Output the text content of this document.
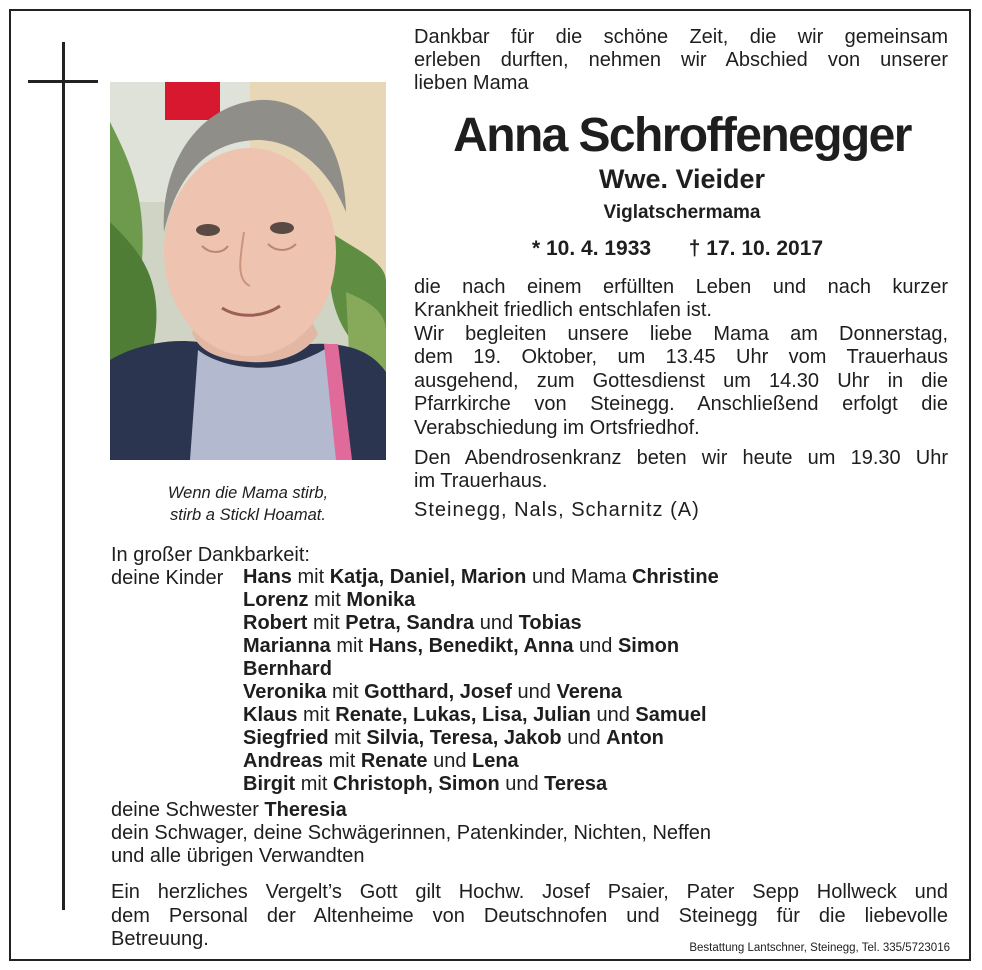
Wenn die Mama stirb,
stirb a Stickl Hoamat.
Dankbar für die schöne Zeit, die wir gemeinsam
erleben durften, nehmen wir Abschied von unserer
lieben Mama
Anna Schroffenegger
Wwe. Vieider
Viglatschermama
* 10. 4. 1933 † 17. 10. 2017
die nach einem erfüllten Leben und nach kurzer
Krankheit friedlich entschlafen ist.
Wir begleiten unsere liebe Mama am Donnerstag,
dem 19. Oktober, um 13.45 Uhr vom Trauerhaus
ausgehend, zum Gottesdienst um 14.30 Uhr in die
Pfarrkirche von Steinegg. Anschließend erfolgt die
Verabschiedung im Ortsfriedhof.
Den Abendrosenkranz beten wir heute um 19.30 Uhr
im Trauerhaus.
Steinegg, Nals, Scharnitz (A)
In großer Dankbarkeit:
deine Kinder Hans mit Katja, Daniel, Marion und Mama Christine
Lorenz mit Monika
Robert mit Petra, Sandra und Tobias
Marianna mit Hans, Benedikt, Anna und Simon
Bernhard
Veronika mit Gotthard, Josef und Verena
Klaus mit Renate, Lukas, Lisa, Julian und Samuel
Siegfried mit Silvia, Teresa, Jakob und Anton
Andreas mit Renate und Lena
Birgit mit Christoph, Simon und Teresa
deine Schwester Theresia
dein Schwager, deine Schwägerinnen, Patenkinder, Nichten, Neffen
und alle übrigen Verwandten
Ein herzliches Vergelt’s Gott gilt Hochw. Josef Psaier, Pater Sepp Hollweck und
dem Personal der Altenheime von Deutschnofen und Steinegg für die liebevolle
Betreuung.	Bestattung Lantschner, Steinegg, Tel. 335/5723016
